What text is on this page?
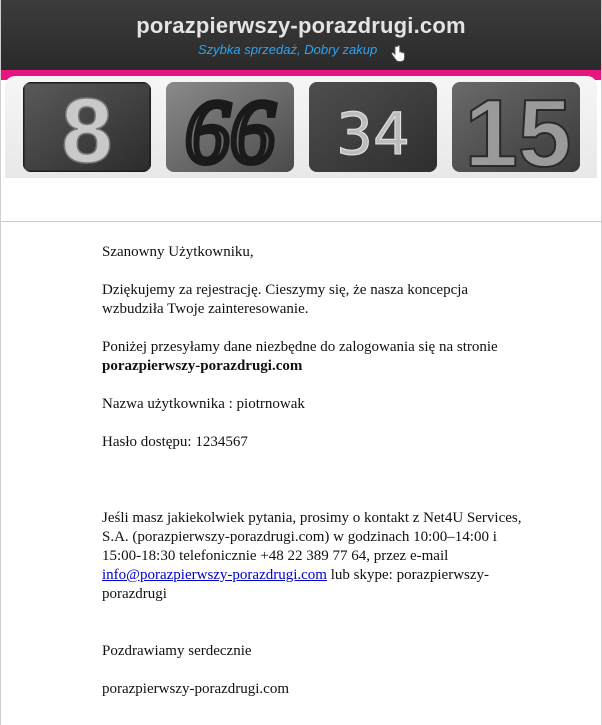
porazpierwszy-porazdrugi.com
Szybka sprzedaż, Dobry zakup
8 66 34 15

Szanowny Użytkowniku,

Dziękujemy za rejestrację. Cieszymy się, że nasza koncepcja wzbudziła Twoje zainteresowanie.

Poniżej przesyłamy dane niezbędne do zalogowania się na stronie
porazpierwszy-porazdrugi.com

Nazwa użytkownika : piotrnowak

Hasło dostępu: 1234567

Jeśli masz jakiekolwiek pytania, prosimy o kontakt z Net4U Services, S.A. (porazpierwszy-porazdrugi.com) w godzinach 10:00–14:00 i 15:00-18:30 telefonicznie +48 22 389 77 64, przez e-mail info@porazpierwszy-porazdrugi.com lub skype: porazpierwszy-porazdrugi

Pozdrawiamy serdecznie

porazpierwszy-porazdrugi.com
